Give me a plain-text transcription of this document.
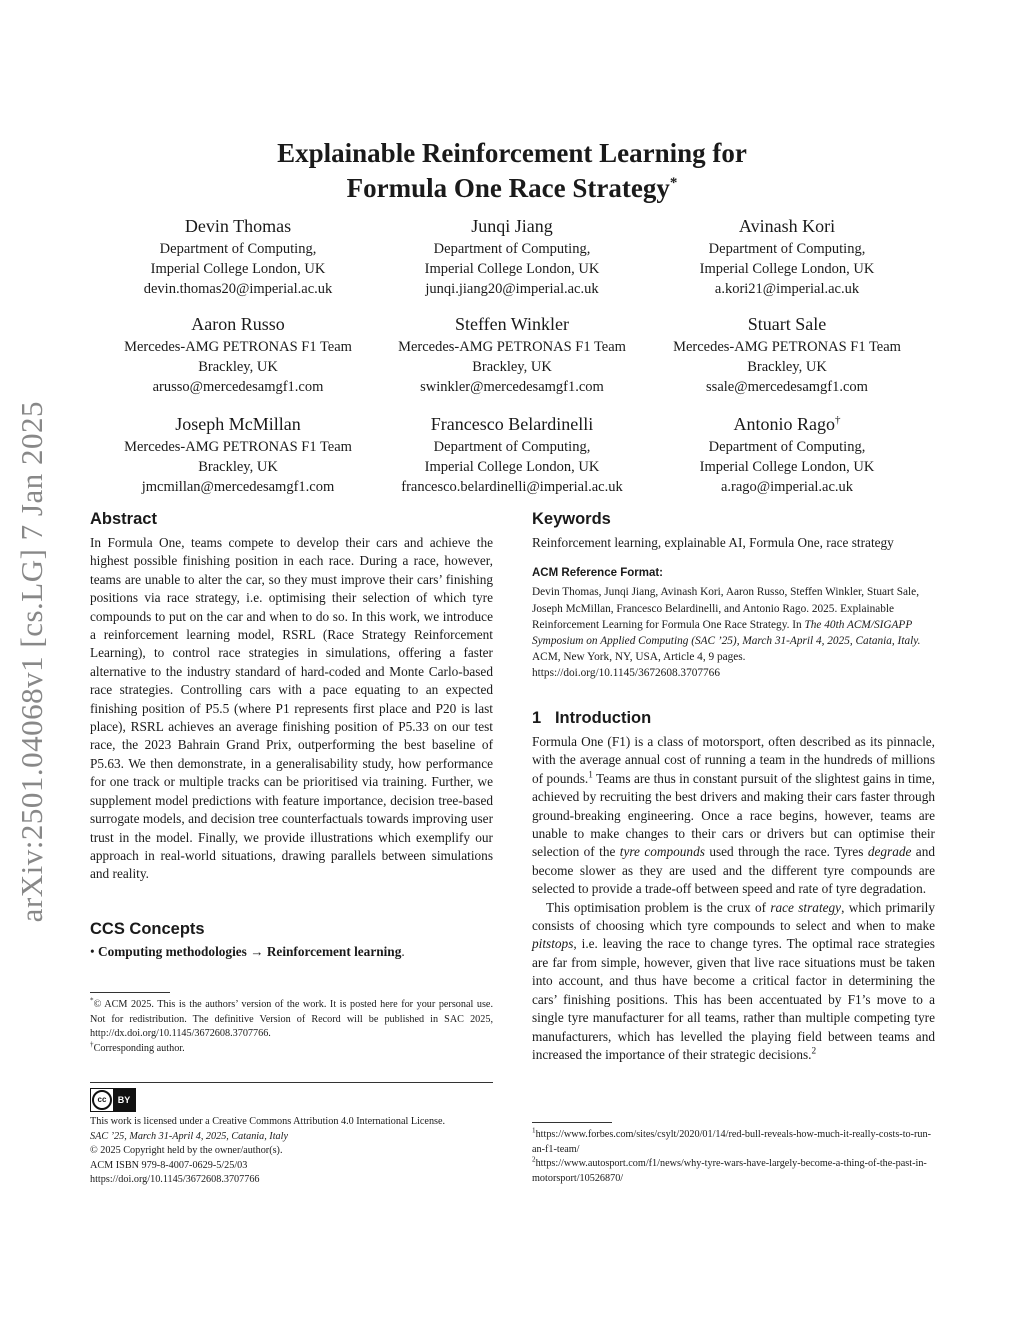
arXiv:2501.04068v1 [cs.LG] 7 Jan 2025
Explainable Reinforcement Learning for
Formula One Race Strategy*
Devin Thomas
Department of Computing,
Imperial College London, UK
devin.thomas20@imperial.ac.uk
Junqi Jiang
Department of Computing,
Imperial College London, UK
junqi.jiang20@imperial.ac.uk
Avinash Kori
Department of Computing,
Imperial College London, UK
a.kori21@imperial.ac.uk
Aaron Russo
Mercedes-AMG PETRONAS F1 Team
Brackley, UK
arusso@mercedesamgf1.com
Steffen Winkler
Mercedes-AMG PETRONAS F1 Team
Brackley, UK
swinkler@mercedesamgf1.com
Stuart Sale
Mercedes-AMG PETRONAS F1 Team
Brackley, UK
ssale@mercedesamgf1.com
Joseph McMillan
Mercedes-AMG PETRONAS F1 Team
Brackley, UK
jmcmillan@mercedesamgf1.com
Francesco Belardinelli
Department of Computing,
Imperial College London, UK
francesco.belardinelli@imperial.ac.uk
Antonio Rago†
Department of Computing,
Imperial College London, UK
a.rago@imperial.ac.uk
Abstract

In Formula One, teams compete to develop their cars and achieve the highest possible finishing position in each race. During a race, however, teams are unable to alter the car, so they must improve their cars’ finishing positions via race strategy, i.e. optimising their selection of which tyre compounds to put on the car and when to do so. In this work, we introduce a reinforcement learning model, RSRL (Race Strategy Reinforcement Learning), to control race strategies in simulations, offering a faster alternative to the industry standard of hard-coded and Monte Carlo-based race strategies. Controlling cars with a pace equating to an expected finishing position of P5.5 (where P1 represents first place and P20 is last place), RSRL achieves an average finishing position of P5.33 on our test race, the 2023 Bahrain Grand Prix, outperforming the best baseline of P5.63. We then demonstrate, in a generalisability study, how performance for one track or multiple tracks can be prioritised via training. Further, we supplement model predictions with feature importance, decision tree-based surrogate models, and decision tree counterfactuals towards improving user trust in the model. Finally, we provide illustrations which exemplify our approach in real-world situations, drawing parallels between simulations and reality.

CCS Concepts

• Computing methodologies → Reinforcement learning.

*© ACM 2025. This is the authors’ version of the work. It is posted here for your personal use. Not for redistribution. The definitive Version of Record will be published in SAC 2025, http://dx.doi.org/10.1145/3672608.3707766.

†Corresponding author.

cc	BY
This work is licensed under a Creative Commons Attribution 4.0 International License.
SAC ’25, March 31-April 4, 2025, Catania, Italy
© 2025 Copyright held by the owner/author(s).
ACM ISBN 979-8-4007-0629-5/25/03
https://doi.org/10.1145/3672608.3707766
Keywords

Reinforcement learning, explainable AI, Formula One, race strategy

ACM Reference Format:

Devin Thomas, Junqi Jiang, Avinash Kori, Aaron Russo, Steffen Winkler, Stuart Sale, Joseph McMillan, Francesco Belardinelli, and Antonio Rago. 2025. Explainable Reinforcement Learning for Formula One Race Strategy. In The 40th ACM/SIGAPP Symposium on Applied Computing (SAC ’25), March 31-April 4, 2025, Catania, Italy. ACM, New York, NY, USA, Article 4, 9 pages. https://doi.org/10.1145/3672608.3707766

1 Introduction

Formula One (F1) is a class of motorsport, often described as its pinnacle, with the average annual cost of running a team in the hundreds of millions of pounds.$^1$ Teams are thus in constant pursuit of the slightest gains in time, achieved by recruiting the best drivers and making their cars faster through ground-breaking engineering. Once a race begins, however, teams are unable to make changes to their cars or drivers but can optimise their selection of the tyre compounds used through the race. Tyres degrade and become slower as they are used and the different tyre compounds are selected to provide a trade-off between speed and rate of tyre degradation.

This optimisation problem is the crux of race strategy, which primarily consists of choosing which tyre compounds to select and when to make pitstops, i.e. leaving the race to change tyres. The optimal race strategies are far from simple, however, given that live race situations must be taken into account, and thus have become a critical factor in determining the cars’ finishing positions. This has been accentuated by F1’s move to a single tyre manufacturer for all teams, rather than multiple competing tyre manufacturers, which has levelled the playing field between teams and increased the importance of their strategic decisions.$^2$

$^1$https://www.forbes.com/sites/csylt/2020/01/14/red-bull-reveals-how-much-it-really-costs-to-run-an-f1-team/

$^2$https://www.autosport.com/f1/news/why-tyre-wars-have-largely-become-a-thing-of-the-past-in-motorsport/10526870/
